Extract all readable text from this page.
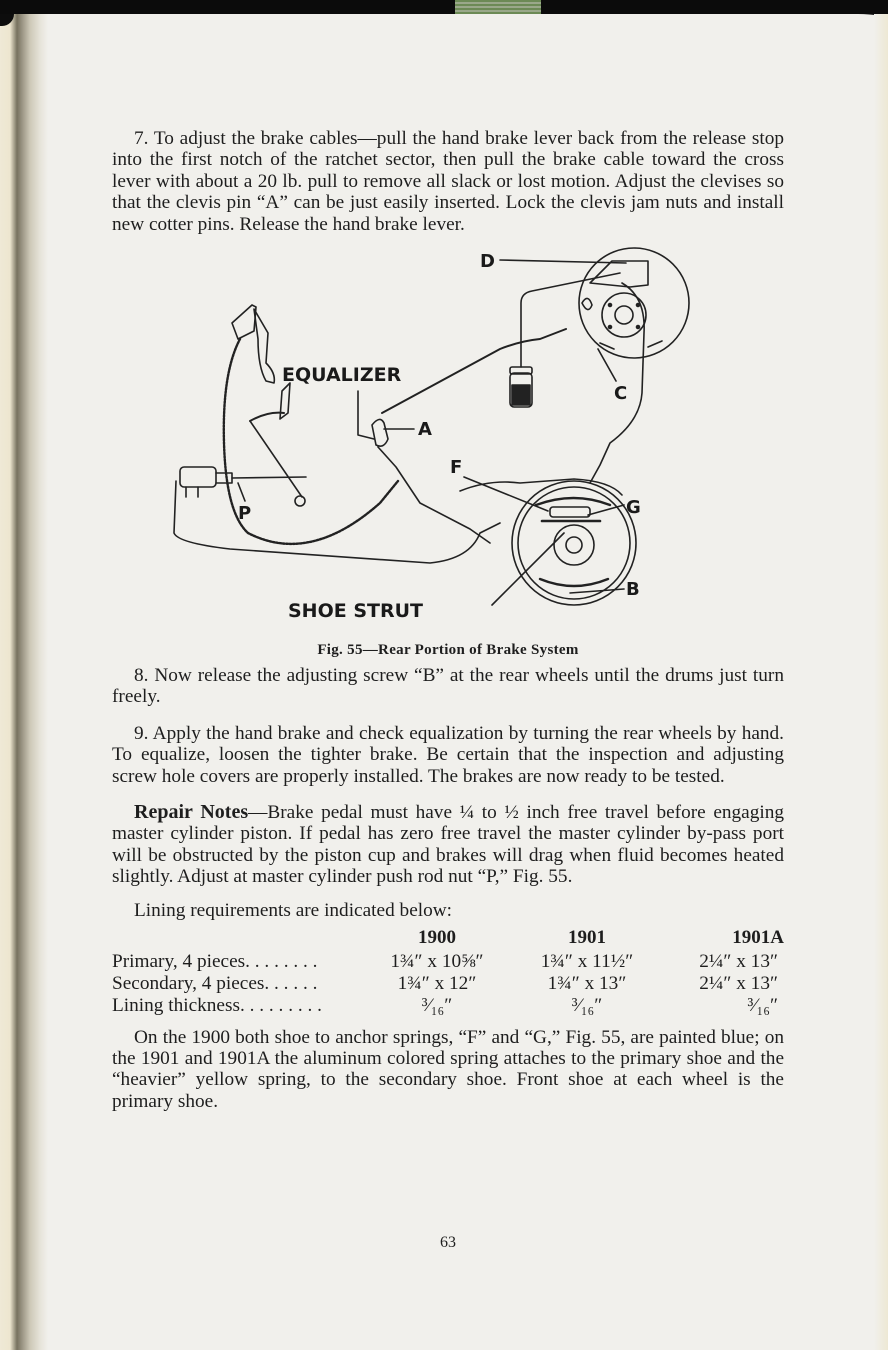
7. To adjust the brake cables—pull the hand brake lever back from the release stop into the first notch of the ratchet sector, then pull the brake cable toward the cross lever with about a 20 lb. pull to remove all slack or lost motion. Adjust the clevises so that the clevis pin “A” can be just easily inserted. Lock the clevis jam nuts and install new cotter pins. Release the hand brake lever.

D
C
P
EQUALIZER
A
F
G
SHOE STRUT
B
Fig. 55—Rear Portion of Brake System

8. Now release the adjusting screw “B” at the rear wheels until the drums just turn freely.

9. Apply the hand brake and check equalization by turning the rear wheels by hand. To equalize, loosen the tighter brake. Be certain that the inspection and adjusting screw hole covers are properly installed. The brakes are now ready to be tested.

Repair Notes—Brake pedal must have ¼ to ½ inch free travel before engaging master cylinder piston. If pedal has zero free travel the master cylinder by-pass port will be obstructed by the piston cup and brakes will drag when fluid becomes heated slightly. Adjust at master cylinder push rod nut “P,” Fig. 55.

Lining requirements are indicated below:

	1900	1901	1901A
Primary, 4 pieces. . . . . . . .	1¾″ x 10⅝″	1¾″ x 11½″	2¼″ x 13″
Secondary, 4 pieces. . . . . .	1¾″ x 12″	1¾″ x 13″	2¼″ x 13″
Lining thickness. . . . . . . . .	³⁄₁₆″	³⁄₁₆″	³⁄₁₆″

On the 1900 both shoe to anchor springs, “F” and “G,” Fig. 55, are painted blue; on the 1901 and 1901A the aluminum colored spring attaches to the primary shoe and the “heavier” yellow spring, to the secondary shoe. Front shoe at each wheel is the primary shoe.

63
